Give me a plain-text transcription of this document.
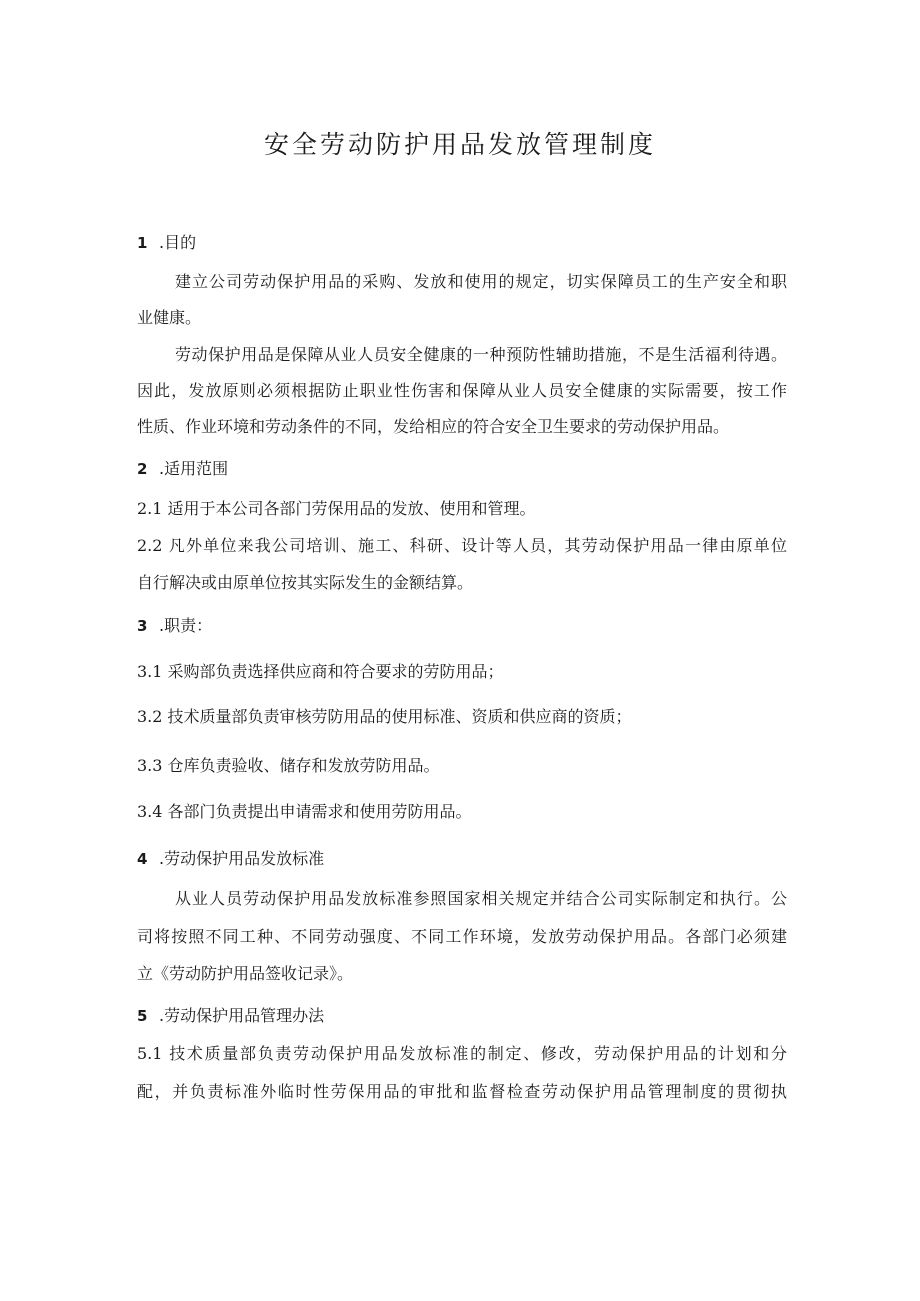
安全劳动防护用品发放管理制度

1 .目的

建立公司劳动保护用品的采购、发放和使用的规定，切实保障员工的生产安全和职

业健康。

劳动保护用品是保障从业人员安全健康的一种预防性辅助措施，不是生活福利待遇。

因此，发放原则必须根据防止职业性伤害和保障从业人员安全健康的实际需要，按工作

性质、作业环境和劳动条件的不同，发给相应的符合安全卫生要求的劳动保护用品。

2 .适用范围

2.1 适用于本公司各部门劳保用品的发放、使用和管理。

2.2 凡外单位来我公司培训、施工、科研、设计等人员，其劳动保护用品一律由原单位

自行解决或由原单位按其实际发生的金额结算。

3 .职责：

3.1 采购部负责选择供应商和符合要求的劳防用品；

3.2 技术质量部负责审核劳防用品的使用标准、资质和供应商的资质；

3.3 仓库负责验收、储存和发放劳防用品。

3.4 各部门负责提出申请需求和使用劳防用品。

4 .劳动保护用品发放标准

从业人员劳动保护用品发放标准参照国家相关规定并结合公司实际制定和执行。公

司将按照不同工种、不同劳动强度、不同工作环境，发放劳动保护用品。各部门必须建

立《劳动防护用品签收记录》。

5 .劳动保护用品管理办法

5.1 技术质量部负责劳动保护用品发放标准的制定、修改，劳动保护用品的计划和分

配，并负责标准外临时性劳保用品的审批和监督检查劳动保护用品管理制度的贯彻执
